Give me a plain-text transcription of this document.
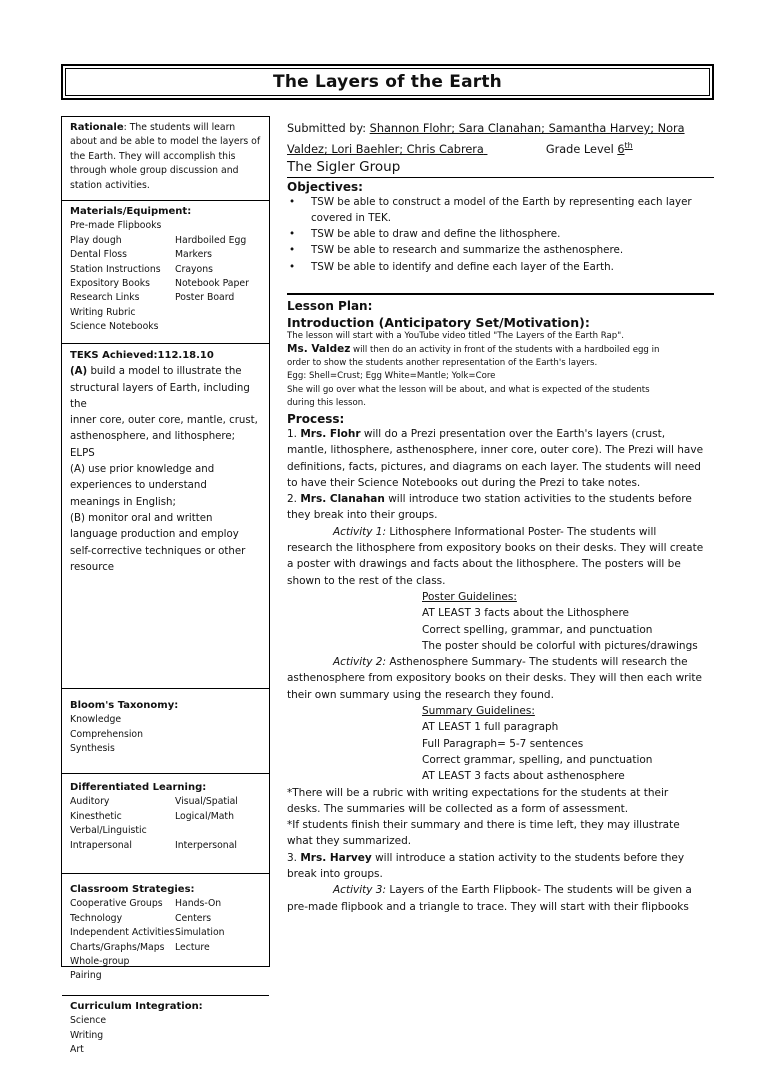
The Layers of the Earth
Rationale: The students will learn about and be able to model the layers of the Earth. They will accomplish this through whole group discussion and station activities.
Materials/Equipment:
Pre-made Flipbooks
Play dough	Hardboiled Egg
Dental Floss	Markers
Station Instructions	Crayons
Expository Books	Notebook Paper
Research Links	Poster Board
Writing Rubric
Science Notebooks
TEKS Achieved:112.18.10
(A) build a model to illustrate the
structural layers of Earth, including the
inner core, outer core, mantle, crust,
asthenosphere, and lithosphere;
ELPS
(A) use prior knowledge and
experiences to understand
meanings in English;
(B) monitor oral and written
language production and employ
self-corrective techniques or other
resource
Bloom's Taxonomy:
Knowledge
Comprehension
Synthesis
Differentiated Learning:
Auditory	Visual/Spatial
Kinesthetic	Logical/Math
Verbal/Linguistic
Intrapersonal	Interpersonal
Classroom Strategies:
Cooperative Groups	Hands-On
Technology	Centers
Independent Activities Simulation
Charts/Graphs/Maps	Lecture
Whole-group
Pairing
Curriculum Integration:
Science
Writing
Art
Submitted by: Shannon Flohr; Sara Clanahan; Samantha Harvey; Nora
Valdez; Lori Baehler; Chris Cabrera	Grade Level 6th
The Sigler Group
Objectives:
• TSW be able to construct a model of the Earth by representing each layer covered in TEK.
• TSW be able to draw and define the lithosphere.
• TSW be able to research and summarize the asthenosphere.
• TSW be able to identify and define each layer of the Earth.
Lesson Plan:
Introduction (Anticipatory Set/Motivation):
The lesson will start with a YouTube video titled "The Layers of the Earth Rap".
Ms. Valdez will then do an activity in front of the students with a hardboiled egg in
order to show the students another representation of the Earth's layers.
Egg: Shell=Crust; Egg White=Mantle; Yolk=Core
She will go over what the lesson will be about, and what is expected of the students
during this lesson.
Process:
1. Mrs. Flohr will do a Prezi presentation over the Earth's layers (crust,
mantle, lithosphere, asthenosphere, inner core, outer core). The Prezi will have
definitions, facts, pictures, and diagrams on each layer. The students will need
to have their Science Notebooks out during the Prezi to take notes.
2. Mrs. Clanahan will introduce two station activities to the students before
they break into their groups.
Activity 1: Lithosphere Informational Poster- The students will
research the lithosphere from expository books on their desks. They will create
a poster with drawings and facts about the lithosphere. The posters will be
shown to the rest of the class.
Poster Guidelines:
AT LEAST 3 facts about the Lithosphere
Correct spelling, grammar, and punctuation
The poster should be colorful with pictures/drawings
Activity 2: Asthenosphere Summary- The students will research the
asthenosphere from expository books on their desks. They will then each write
their own summary using the research they found.
Summary Guidelines:
AT LEAST 1 full paragraph
Full Paragraph= 5-7 sentences
Correct grammar, spelling, and punctuation
AT LEAST 3 facts about asthenosphere
*There will be a rubric with writing expectations for the students at their
desks. The summaries will be collected as a form of assessment.
*If students finish their summary and there is time left, they may illustrate
what they summarized.
3. Mrs. Harvey will introduce a station activity to the students before they
break into groups.
Activity 3: Layers of the Earth Flipbook- The students will be given a
pre-made flipbook and a triangle to trace. They will start with their flipbooks
